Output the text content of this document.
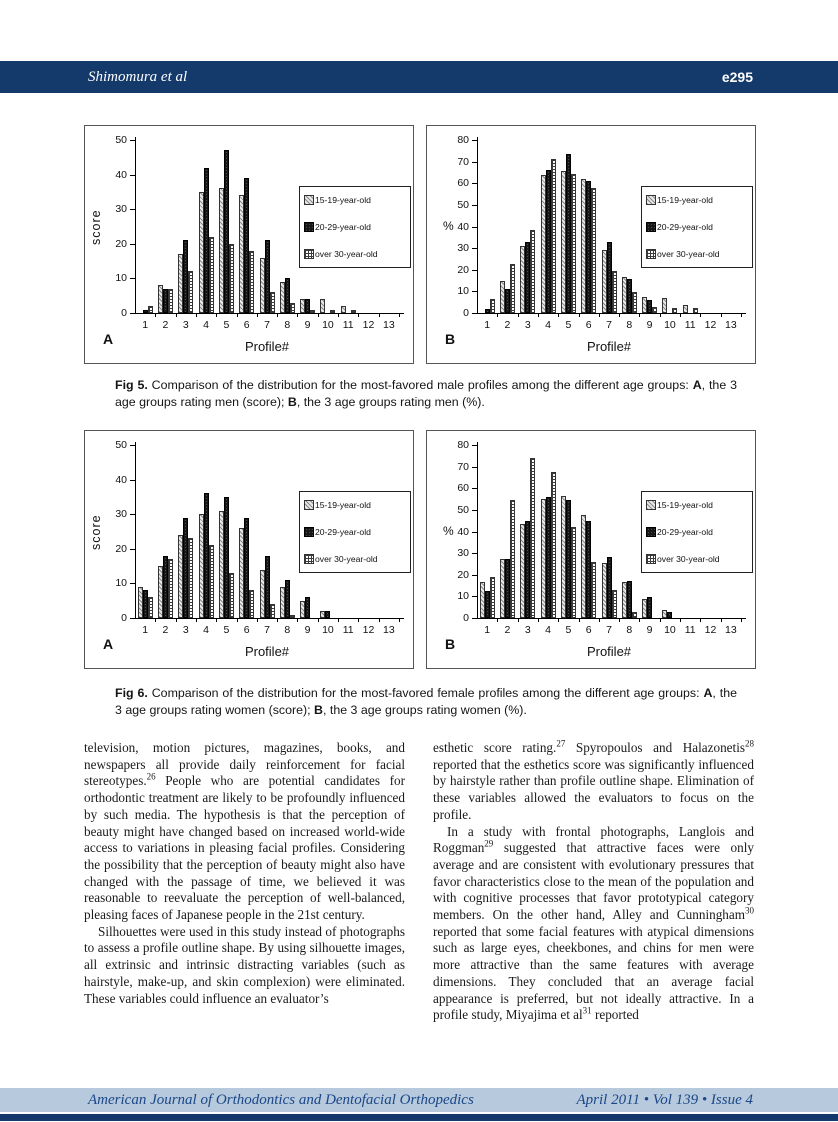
Shimomura et al	e295
0
10
20
30
40
50
1	2	3	4	5	6	7	8	9	10 11 12 13
score
Profile#
A
15-19-year-old
20-29-year-old
over 30-year-old
0
10
20
30
40
50
60
70
80
1	2	3	4	5	6	7	8	9	10 11 12 13
%
Profile#
B
15-19-year-old
20-29-year-old
over 30-year-old

Fig 5. Comparison of the distribution for the most-favored male profiles among the different age groups: A, the 3 age groups rating men (score); B, the 3 age groups rating men (%).

0
10
20
30
40
50
1	2	3	4	5	6	7	8	9	10 11 12 13
score
Profile#
A
15-19-year-old
20-29-year-old
over 30-year-old
0
10
20
30
40
50
60
70
80
1	2	3	4	5	6	7	8	9	10 11 12 13
%
Profile#
B
15-19-year-old
20-29-year-old
over 30-year-old

Fig 6. Comparison of the distribution for the most-favored female profiles among the different age groups: A, the 3 age groups rating women (score); B, the 3 age groups rating women (%).

television, motion pictures, magazines, books, and newspapers all provide daily reinforcement for facial stereotypes.$^{26}$ People who are potential candidates for orthodontic treatment are likely to be profoundly influenced by such media. The hypothesis is that the perception of beauty might have changed based on increased world-wide access to variations in pleasing facial profiles. Considering the possibility that the perception of beauty might also have changed with the passage of time, we believed it was reasonable to reevaluate the perception of well-balanced, pleasing faces of Japanese people in the 21st century.

Silhouettes were used in this study instead of photographs to assess a profile outline shape. By using silhouette images, all extrinsic and intrinsic distracting variables (such as hairstyle, make-up, and skin complexion) were eliminated. These variables could influence an evaluator’s

esthetic score rating.$^{27}$ Spyropoulos and Halazonetis$^{28}$ reported that the esthetics score was significantly influenced by hairstyle rather than profile outline shape. Elimination of these variables allowed the evaluators to focus on the profile.

In a study with frontal photographs, Langlois and Roggman$^{29}$ suggested that attractive faces were only average and are consistent with evolutionary pressures that favor characteristics close to the mean of the population and with cognitive processes that favor prototypical category members. On the other hand, Alley and Cunningham$^{30}$ reported that some facial features with atypical dimensions such as large eyes, cheekbones, and chins for men were more attractive than the same features with average dimensions. They concluded that an average facial appearance is preferred, but not ideally attractive. In a profile study, Miyajima et $al^{31}$ reported

American Journal of Orthodontics and Dentofacial Orthopedics	April 2011 • Vol 139 • Issue 4
